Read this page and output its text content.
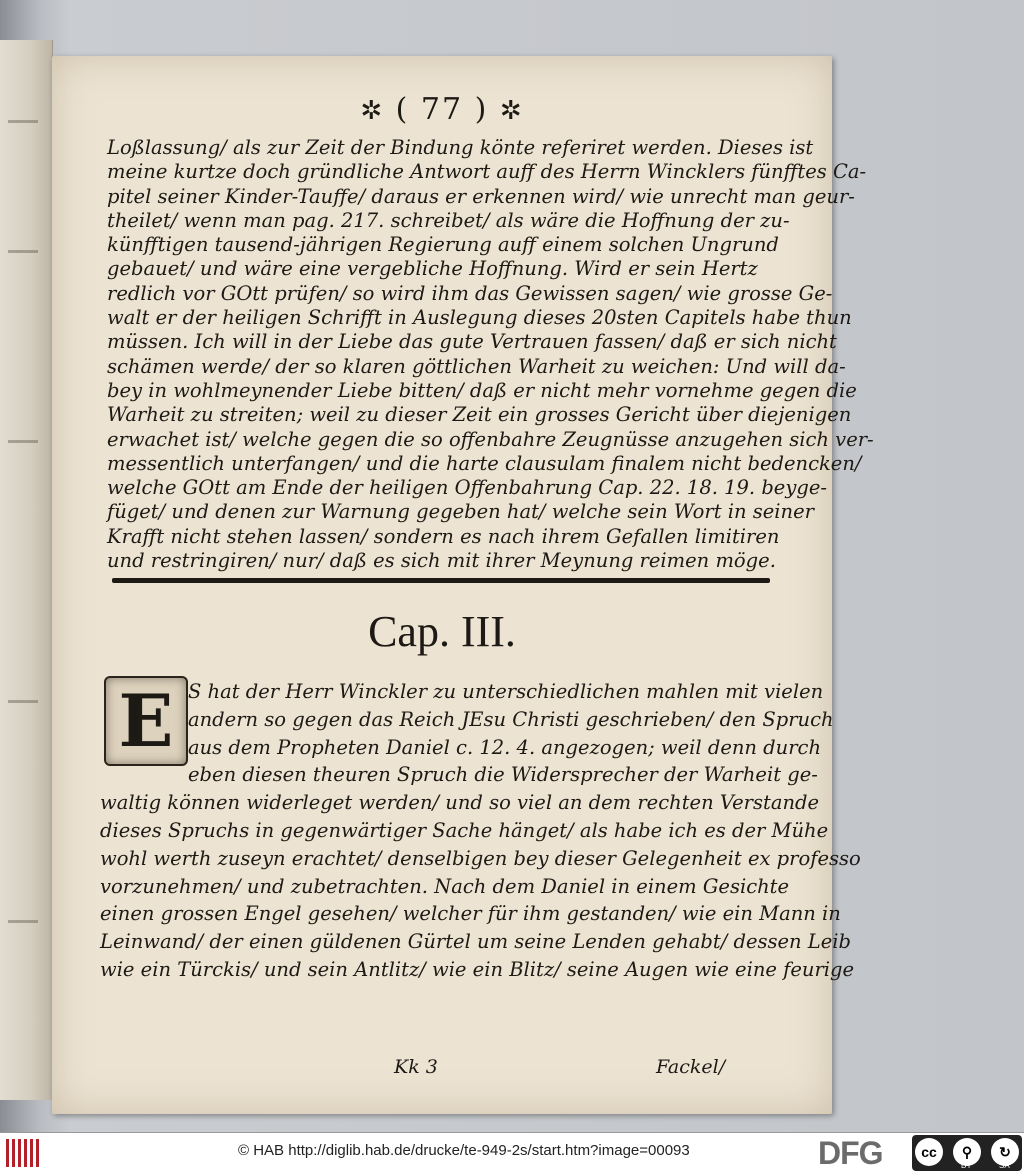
✲ ( 77 ) ✲
Loßlassung/ als zur Zeit der Bindung könte referiret werden. Dieses ist
meine kurtze doch gründliche Antwort auff des Herrn Wincklers fünfftes Ca-
pitel seiner Kinder-Tauffe/ daraus er erkennen wird/ wie unrecht man geur-
theilet/ wenn man pag. 217. schreibet/ als wäre die Hoffnung der zu-
künfftigen tausend-jährigen Regierung auff einem solchen Ungrund
gebauet/ und wäre eine vergebliche Hoffnung. Wird er sein Hertz
redlich vor GOtt prüfen/ so wird ihm das Gewissen sagen/ wie grosse Ge-
walt er der heiligen Schrifft in Auslegung dieses 20sten Capitels habe thun
müssen. Ich will in der Liebe das gute Vertrauen fassen/ daß er sich nicht
schämen werde/ der so klaren göttlichen Warheit zu weichen: Und will da-
bey in wohlmeynender Liebe bitten/ daß er nicht mehr vornehme gegen die
Warheit zu streiten; weil zu dieser Zeit ein grosses Gericht über diejenigen
erwachet ist/ welche gegen die so offenbahre Zeugnüsse anzugehen sich ver-
messentlich unterfangen/ und die harte clausulam finalem nicht bedencken/
welche GOtt am Ende der heiligen Offenbahrung Cap. 22. 18. 19. beyge-
füget/ und denen zur Warnung gegeben hat/ welche sein Wort in seiner
Krafft nicht stehen lassen/ sondern es nach ihrem Gefallen limitiren
und restringiren/ nur/ daß es sich mit ihrer Meynung reimen möge.
Cap. III.
E S hat der Herr Winckler zu unterschiedlichen mahlen mit vielen
andern so gegen das Reich JEsu Christi geschrieben/ den Spruch
aus dem Propheten Daniel c. 12. 4. angezogen; weil denn durch
eben diesen theuren Spruch die Widersprecher der Warheit ge-
waltig können widerleget werden/ und so viel an dem rechten Verstande
dieses Spruchs in gegenwärtiger Sache hänget/ als habe ich es der Mühe
wohl werth zuseyn erachtet/ denselbigen bey dieser Gelegenheit ex professo
vorzunehmen/ und zubetrachten. Nach dem Daniel in einem Gesichte
einen grossen Engel gesehen/ welcher für ihm gestanden/ wie ein Mann in
Leinwand/ der einen güldenen Gürtel um seine Lenden gehabt/ dessen Leib
wie ein Türckis/ und sein Antlitz/ wie ein Blitz/ seine Augen wie eine feurige
Kk 3	Fackel/
© HAB http://diglib.hab.de/drucke/te-949-2s/start.htm?image=00093	DFG	cc	⚲	↻
BY	SA
